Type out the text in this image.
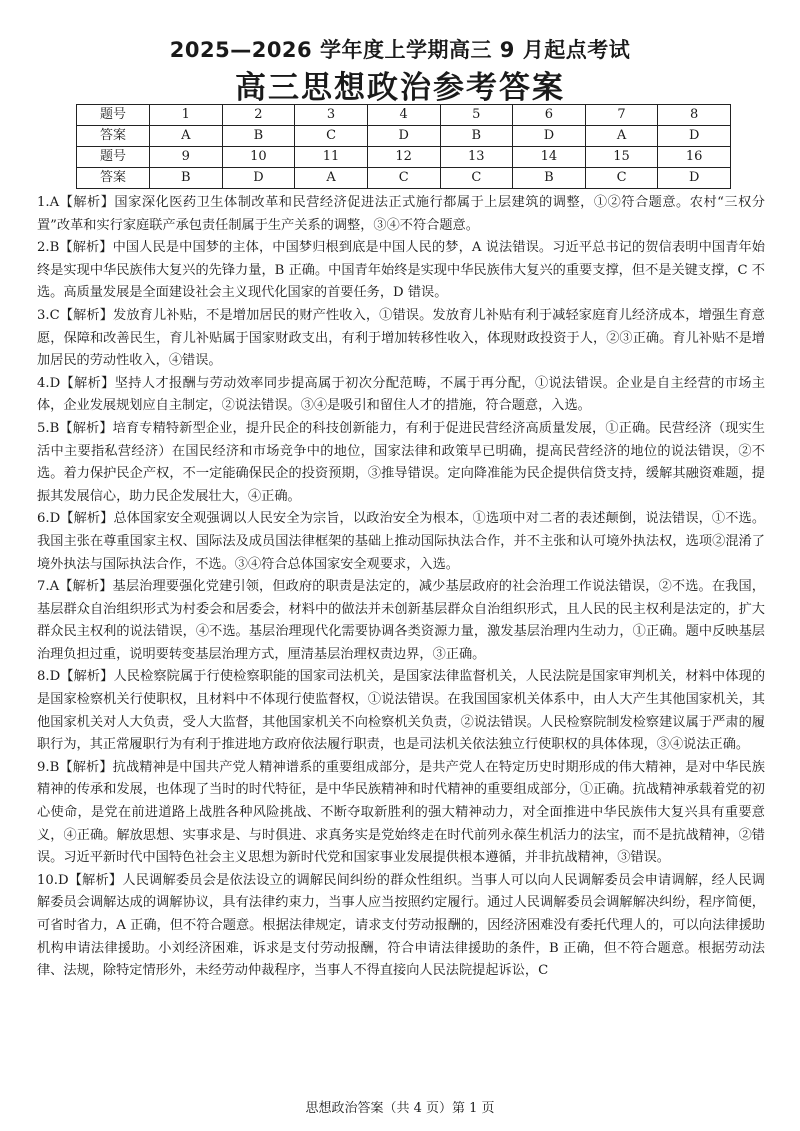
2025—2026 学年度上学期高三 9 月起点考试
高三思想政治参考答案
题号	1	2	3	4	5	6	7	8
答案	A	B	C	D	B	D	A	D
题号	9	10	11	12	13	14	15	16
答案	B	D	A	C	C	B	C	D

1.A【解析】国家深化医药卫生体制改革和民营经济促进法正式施行都属于上层建筑的调整，①②符合题意。农村“三权分置”改革和实行家庭联产承包责任制属于生产关系的调整，③④不符合题意。

2.B【解析】中国人民是中国梦的主体，中国梦归根到底是中国人民的梦，A 说法错误。习近平总书记的贺信表明中国青年始终是实现中华民族伟大复兴的先锋力量，B 正确。中国青年始终是实现中华民族伟大复兴的重要支撑，但不是关键支撑，C 不选。高质量发展是全面建设社会主义现代化国家的首要任务，D 错误。

3.C【解析】发放育儿补贴，不是增加居民的财产性收入，①错误。发放育儿补贴有利于减轻家庭育儿经济成本，增强生育意愿，保障和改善民生，育儿补贴属于国家财政支出，有利于增加转移性收入，体现财政投资于人，②③正确。育儿补贴不是增加居民的劳动性收入，④错误。

4.D【解析】坚持人才报酬与劳动效率同步提高属于初次分配范畴，不属于再分配，①说法错误。企业是自主经营的市场主体，企业发展规划应自主制定，②说法错误。③④是吸引和留住人才的措施，符合题意，入选。

5.B【解析】培育专精特新型企业，提升民企的科技创新能力，有利于促进民营经济高质量发展，①正确。民营经济（现实生活中主要指私营经济）在国民经济和市场竞争中的地位，国家法律和政策早已明确，提高民营经济的地位的说法错误，②不选。着力保护民企产权，不一定能确保民企的投资预期，③推导错误。定向降准能为民企提供信贷支持，缓解其融资难题，提振其发展信心，助力民企发展壮大，④正确。

6.D【解析】总体国家安全观强调以人民安全为宗旨，以政治安全为根本，①选项中对二者的表述颠倒，说法错误，①不选。我国主张在尊重国家主权、国际法及成员国法律框架的基础上推动国际执法合作，并不主张和认可境外执法权，选项②混淆了境外执法与国际执法合作，不选。③④符合总体国家安全观要求，入选。

7.A【解析】基层治理要强化党建引领，但政府的职责是法定的，减少基层政府的社会治理工作说法错误，②不选。在我国，基层群众自治组织形式为村委会和居委会，材料中的做法并未创新基层群众自治组织形式，且人民的民主权利是法定的，扩大群众民主权利的说法错误，④不选。基层治理现代化需要协调各类资源力量，激发基层治理内生动力，①正确。题中反映基层治理负担过重，说明要转变基层治理方式，厘清基层治理权责边界，③正确。

8.D【解析】人民检察院属于行使检察职能的国家司法机关，是国家法律监督机关，人民法院是国家审判机关，材料中体现的是国家检察机关行使职权，且材料中不体现行使监督权，①说法错误。在我国国家机关体系中，由人大产生其他国家机关，其他国家机关对人大负责，受人大监督，其他国家机关不向检察机关负责，②说法错误。人民检察院制发检察建议属于严肃的履职行为，其正常履职行为有利于推进地方政府依法履行职责，也是司法机关依法独立行使职权的具体体现，③④说法正确。

9.B【解析】抗战精神是中国共产党人精神谱系的重要组成部分，是共产党人在特定历史时期形成的伟大精神，是对中华民族精神的传承和发展，也体现了当时的时代特征，是中华民族精神和时代精神的重要组成部分，①正确。抗战精神承载着党的初心使命，是党在前进道路上战胜各种风险挑战、不断夺取新胜利的强大精神动力，对全面推进中华民族伟大复兴具有重要意义，④正确。解放思想、实事求是、与时俱进、求真务实是党始终走在时代前列永葆生机活力的法宝，而不是抗战精神，②错误。习近平新时代中国特色社会主义思想为新时代党和国家事业发展提供根本遵循，并非抗战精神，③错误。

10.D【解析】人民调解委员会是依法设立的调解民间纠纷的群众性组织。当事人可以向人民调解委员会申请调解，经人民调解委员会调解达成的调解协议，具有法律约束力，当事人应当按照约定履行。通过人民调解委员会调解解决纠纷，程序简便，可省时省力，A 正确，但不符合题意。根据法律规定，请求支付劳动报酬的，因经济困难没有委托代理人的，可以向法律援助机构申请法律援助。小刘经济困难，诉求是支付劳动报酬，符合申请法律援助的条件，B 正确，但不符合题意。根据劳动法律、法规，除特定情形外，未经劳动仲裁程序，当事人不得直接向人民法院提起诉讼，C

思想政治答案（共 4 页）第 1 页
